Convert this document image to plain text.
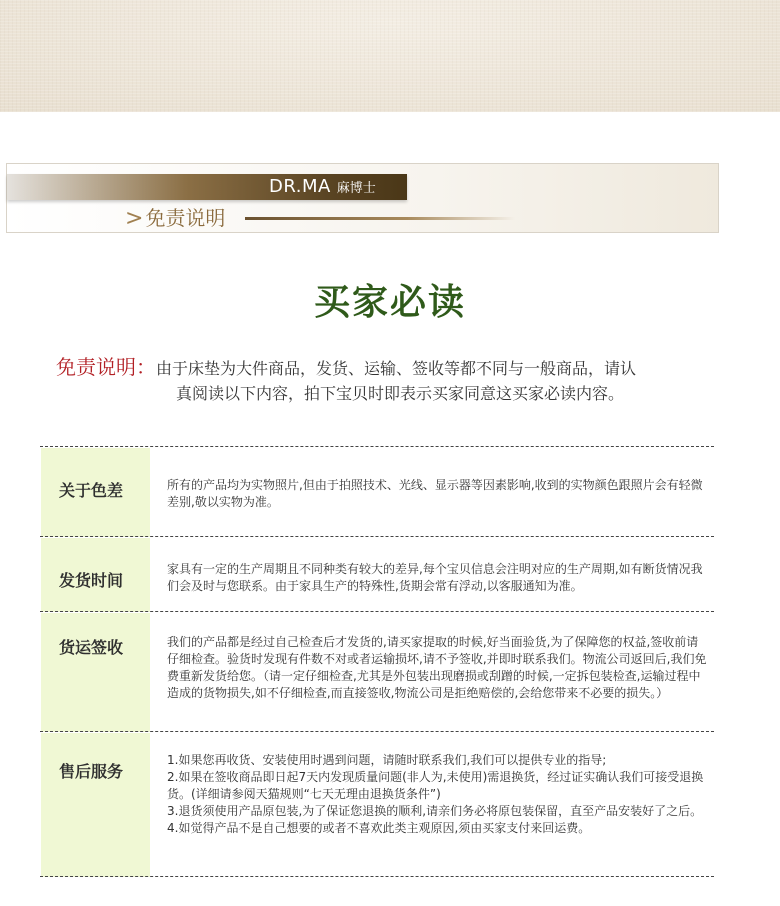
DR.MA 麻博士
> 免责说明
买家必读
免责说明：由于床垫为大件商品，发货、运输、签收等都不同与一般商品，请认
真阅读以下内容，拍下宝贝时即表示买家同意这买家必读内容。
关于色差	所有的产品均为实物照片,但由于拍照技术、光线、显示器等因素影响,收到的实物颜色跟照片会有轻微差别,敬以实物为准。

发货时间

家具有一定的生产周期且不同种类有较大的差异,每个宝贝信息会注明对应的生产周期,如有断货情况我们会及时与您联系。由于家具生产的特殊性,货期会常有浮动,以客服通知为准。

货运签收	我们的产品都是经过自己检查后才发货的,请买家提取的时候,好当面验货,为了保障您的权益,签收前请仔细检查。验货时发现有件数不对或者运输损坏,请不予签收,并即时联系我们。物流公司返回后,我们免费重新发货给您。（请一定仔细检查,尤其是外包装出现磨损或刮蹭的时候,一定拆包装检查,运输过程中造成的货物损失,如不仔细检查,而直接签收,物流公司是拒绝赔偿的,会给您带来不必要的损失。）

售后服务

1.如果您再收货、安装使用时遇到问题，请随时联系我们,我们可以提供专业的指导;

2.如果在签收商品即日起7天内发现质量问题(非人为,未使用)需退换货，经过证实确认我们可接受退换货。(详细请参阅天猫规则“七天无理由退换货条件”)

3.退货须使用产品原包装,为了保证您退换的顺利,请亲们务必将原包装保留，直至产品安装好了之后。

4.如觉得产品不是自己想要的或者不喜欢此类主观原因,须由买家支付来回运费。
